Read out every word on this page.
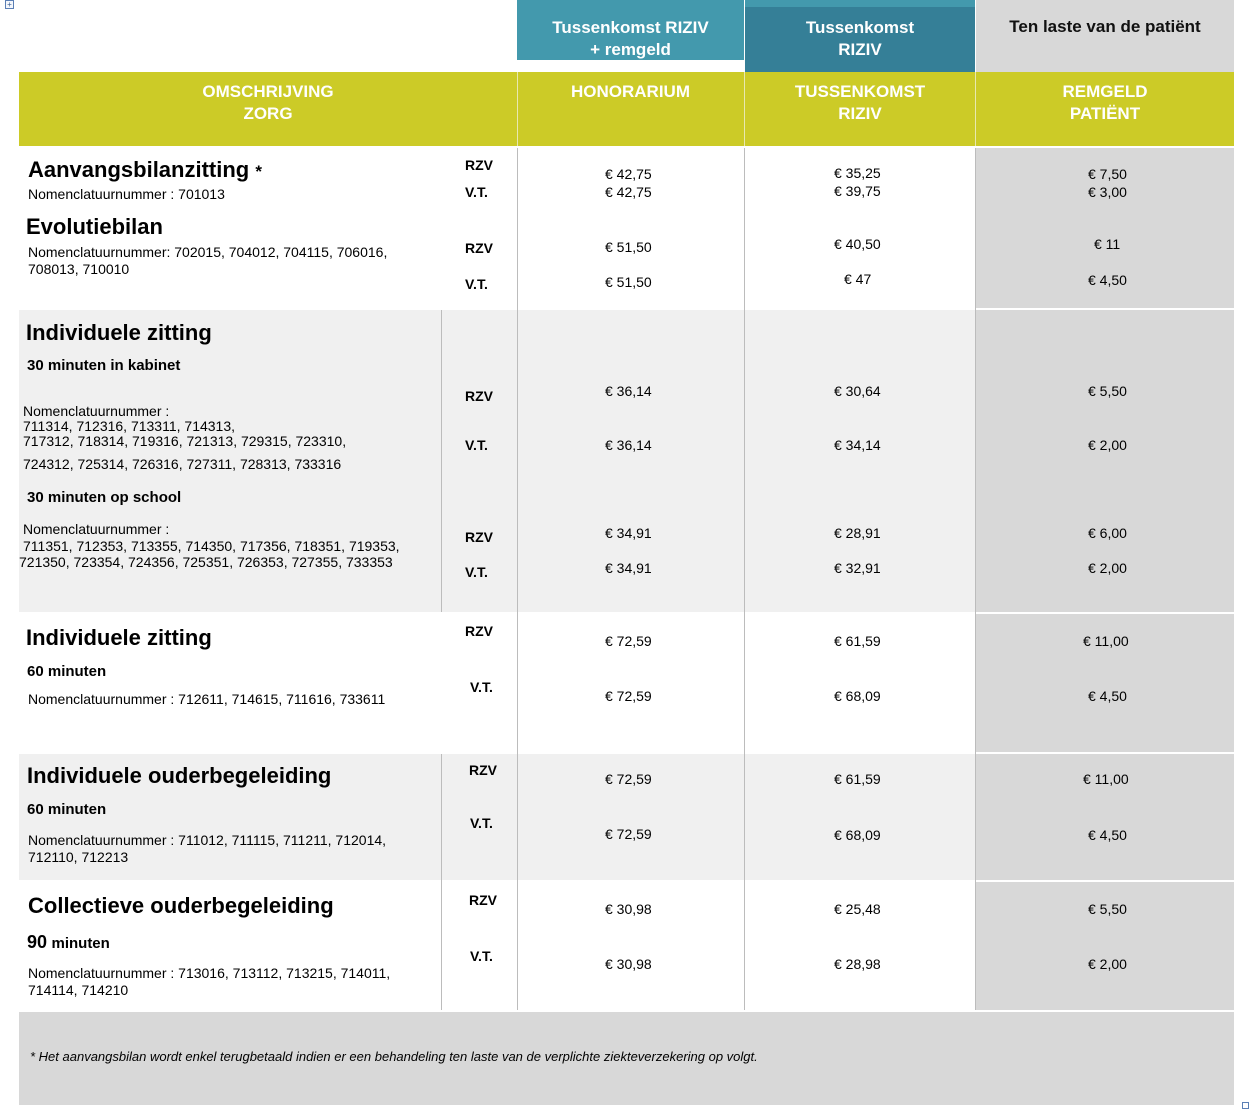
+
Tussenkomst RIZIV
+ remgeld
Tussenkomst
RIZIV
Ten laste van de patiënt
OMSCHRIJVING
ZORG
HONORARIUM	TUSSENKOMST
RIZIV
REMGELD
PATIËNT
Aanvangsbilanzitting *
Nomenclatuurnummer : 701013
RZV
V.T.
€ 42,75
€ 42,75
€ 35,25
€ 39,75
€ 7,50
€ 3,00
Evolutiebilan
Nomenclatuurnummer: 702015, 704012, 704115, 706016,
708013, 710010
RZV
V.T.
€ 51,50
€ 51,50
€ 40,50
€ 47
€ 11
€ 4,50
Individuele zitting
30 minuten in kabinet
Nomenclatuurnummer :
711314, 712316, 713311, 714313,
717312, 718314, 719316, 721313, 729315, 723310,
724312, 725314, 726316, 727311, 728313, 733316
RZV
V.T.
€ 36,14
€ 36,14
€ 30,64
€ 34,14
€ 5,50
€ 2,00
30 minuten op school
Nomenclatuurnummer :
711351, 712353, 713355, 714350, 717356, 718351, 719353,
721350, 723354, 724356, 725351, 726353, 727355, 733353
RZV
V.T.
€ 34,91
€ 34,91
€ 28,91
€ 32,91
€ 6,00
€ 2,00
Individuele zitting
60 minuten
Nomenclatuurnummer : 712611, 714615, 711616, 733611
RZV
V.T.
€ 72,59
€ 72,59
€ 61,59
€ 68,09
€ 11,00
€ 4,50
Individuele ouderbegeleiding
60 minuten
Nomenclatuurnummer : 711012, 711115, 711211, 712014,
712110, 712213
RZV
V.T.
€ 72,59
€ 72,59
€ 61,59
€ 68,09
€ 11,00
€ 4,50
Collectieve ouderbegeleiding
90 minuten
Nomenclatuurnummer : 713016, 713112, 713215, 714011,
714114, 714210
RZV
V.T.
€ 30,98
€ 30,98
€ 25,48
€ 28,98
€ 5,50
€ 2,00
* Het aanvangsbilan wordt enkel terugbetaald indien er een behandeling ten laste van de verplichte ziekteverzekering op volgt.
